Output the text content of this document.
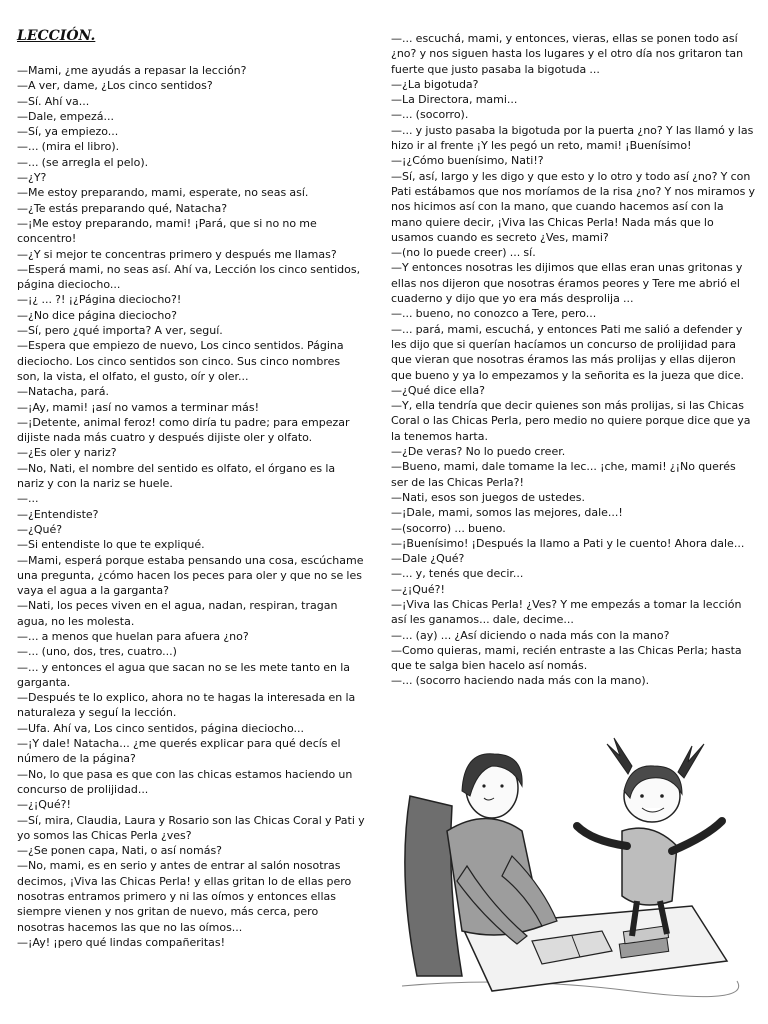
LECCIÓN.
—Mami, ¿me ayudás a repasar la lección?
—A ver, dame, ¿Los cinco sentidos?
—Sí. Ahí va...
—Dale, empezá...
—Sí, ya empiezo...
—... (mira el libro).
—... (se arregla el pelo).
—¿Y?
—Me estoy preparando, mami, esperate, no seas así.
—¿Te estás preparando qué, Natacha?
—¡Me estoy preparando, mami! ¡Pará, que si no no me concentro!
—¿Y si mejor te concentras primero y después me llamas?
—Esperá mami, no seas así. Ahí va, Lección los cinco sentidos, página dieciocho...
—¡¿ ... ?! ¡¿Página dieciocho?!
—¿No dice página dieciocho?
—Sí, pero ¿qué importa? A ver, seguí.
—Espera que empiezo de nuevo, Los cinco sentidos. Página dieciocho. Los cinco sentidos son cinco. Sus cinco nombres son, la vista, el olfato, el gusto, oír y oler...
—Natacha, pará.
—¡Ay, mami! ¡así no vamos a terminar más!
—¡Detente, animal feroz! como diría tu padre; para empezar dijiste nada más cuatro y después dijiste oler y olfato.
—¿Es oler y nariz?
—No, Nati, el nombre del sentido es olfato, el órgano es la nariz y con la nariz se huele.
—...
—¿Entendiste?
—¿Qué?
—Si entendiste lo que te expliqué.
—Mami, esperá porque estaba pensando una cosa, escúchame una pregunta, ¿cómo hacen los peces para oler y que no se les vaya el agua a la garganta?
—Nati, los peces viven en el agua, nadan, respiran, tragan agua, no les molesta.
—... a menos que huelan para afuera ¿no?
—... (uno, dos, tres, cuatro...)
—... y entonces el agua que sacan no se les mete tanto en la garganta.
—Después te lo explico, ahora no te hagas la interesada en la naturaleza y seguí la lección.
—Ufa. Ahí va, Los cinco sentidos, página dieciocho...
—¡Y dale! Natacha... ¿me querés explicar para qué decís el número de la página?
—No, lo que pasa es que con las chicas estamos haciendo un concurso de prolijidad...
—¿¡Qué?!
—Sí, mira, Claudia, Laura y Rosario son las Chicas Coral y Pati y yo somos las Chicas Perla ¿ves?
—¿Se ponen capa, Nati, o así nomás?
—No, mami, es en serio y antes de entrar al salón nosotras decimos, ¡Viva las Chicas Perla! y ellas gritan lo de ellas pero nosotras entramos primero y ni las oímos y entonces ellas siempre vienen y nos gritan de nuevo, más cerca, pero nosotras hacemos las que no las oímos...
—¡Ay! ¡pero qué lindas compañeritas!
—... escuchá, mami, y entonces, vieras, ellas se ponen todo así ¿no? y nos siguen hasta los lugares y el otro día nos gritaron tan fuerte que justo pasaba la bigotuda ...
—¿La bigotuda?
—La Directora, mami...
—... (socorro).
—... y justo pasaba la bigotuda por la puerta ¿no? Y las llamó y las hizo ir al frente ¡Y les pegó un reto, mami! ¡Buenísimo!
—¡¿Cómo buenísimo, Nati!?
—Sí, así, largo y les digo y que esto y lo otro y todo así ¿no? Y con Pati estábamos que nos moríamos de la risa ¿no? Y nos miramos y nos hicimos así con la mano, que cuando hacemos así con la mano quiere decir, ¡Viva las Chicas Perla! Nada más que lo usamos cuando es secreto ¿Ves, mami?
—(no lo puede creer) ... sí.
—Y entonces nosotras les dijimos que ellas eran unas gritonas y ellas nos dijeron que nosotras éramos peores y Tere me abrió el cuaderno y dijo que yo era más desprolija ...
—... bueno, no conozco a Tere, pero...
—... pará, mami, escuchá, y entonces Pati me salió a defender y les dijo que si querían hacíamos un concurso de prolijidad para que vieran que nosotras éramos las más prolijas y ellas dijeron que bueno y ya lo empezamos y la señorita es la jueza que dice.
—¿Qué dice ella?
—Y, ella tendría que decir quienes son más prolijas, si las Chicas Coral o las Chicas Perla, pero medio no quiere porque dice que ya la tenemos harta.
—¿De veras? No lo puedo creer.
—Bueno, mami, dale tomame la lec... ¡che, mami! ¿¡No querés ser de las Chicas Perla?!
—Nati, esos son juegos de ustedes.
—¡Dale, mami, somos las mejores, dale...!
—(socorro) ... bueno.
—¡Buenísimo! ¡Después la llamo a Pati y le cuento! Ahora dale...
—Dale ¿Qué?
—... y, tenés que decir...
—¿¡Qué?!
—¡Viva las Chicas Perla! ¿Ves? Y me empezás a tomar la lección así les ganamos... dale, decime...
—... (ay) ... ¿Así diciendo o nada más con la mano?
—Como quieras, mami, recién entraste a las Chicas Perla; hasta que te salga bien hacelo así nomás.
—... (socorro haciendo nada más con la mano).
